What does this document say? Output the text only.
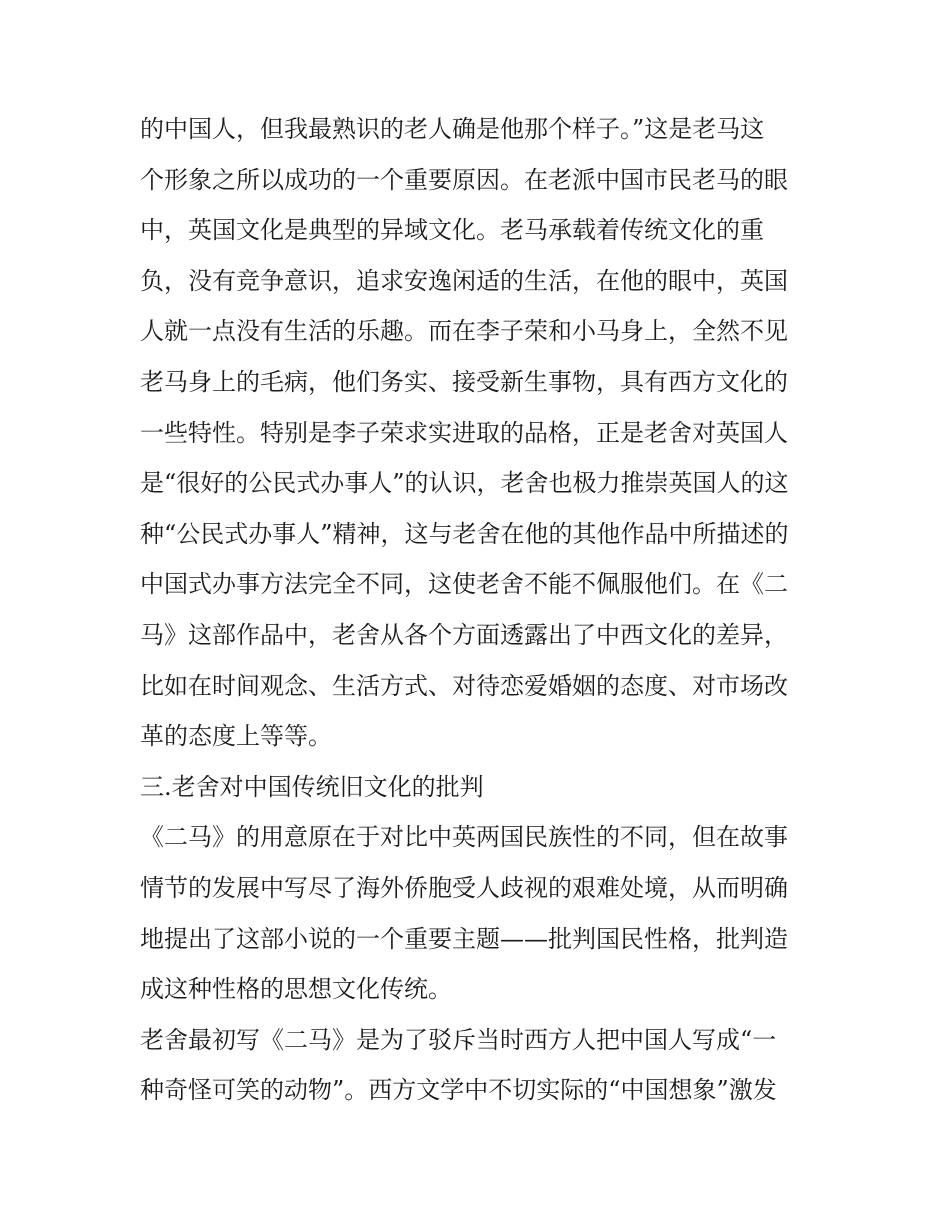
的中国人，但我最熟识的老人确是他那个样子。”这是老马这
个形象之所以成功的一个重要原因。在老派中国市民老马的眼
中，英国文化是典型的异域文化。老马承载着传统文化的重
负，没有竞争意识，追求安逸闲适的生活，在他的眼中，英国
人就一点没有生活的乐趣。而在李子荣和小马身上，全然不见
老马身上的毛病，他们务实、接受新生事物，具有西方文化的
一些特性。特别是李子荣求实进取的品格，正是老舍对英国人
是“很好的公民式办事人”的认识，老舍也极力推崇英国人的这
种“公民式办事人”精神，这与老舍在他的其他作品中所描述的
中国式办事方法完全不同，这使老舍不能不佩服他们。在《二
马》这部作品中，老舍从各个方面透露出了中西文化的差异，
比如在时间观念、生活方式、对待恋爱婚姻的态度、对市场改
革的态度上等等。
三.老舍对中国传统旧文化的批判
《二马》的用意原在于对比中英两国民族性的不同，但在故事
情节的发展中写尽了海外侨胞受人歧视的艰难处境，从而明确
地提出了这部小说的一个重要主题——批判国民性格，批判造
成这种性格的思想文化传统。
老舍最初写《二马》是为了驳斥当时西方人把中国人写成“一
种奇怪可笑的动物”。西方文学中不切实际的“中国想象”激发
